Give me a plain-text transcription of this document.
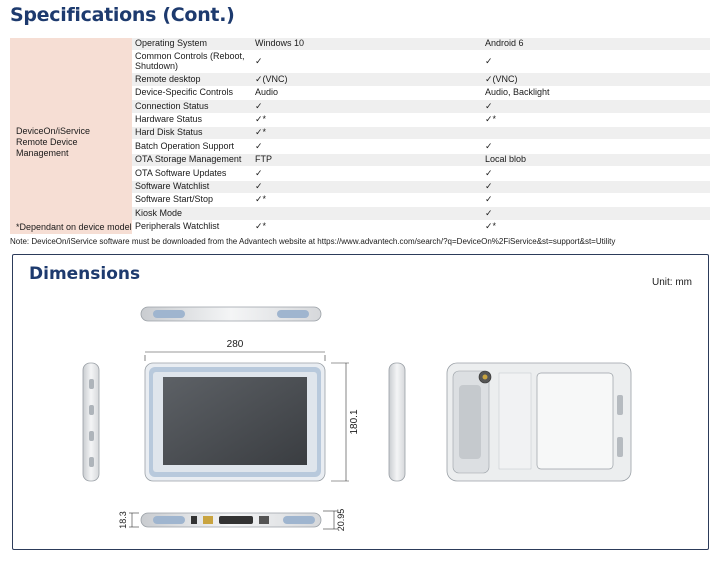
Specifications (Cont.)
DeviceOn/iService
Remote Device Management
*Dependant on device model	Operating System	Windows 10	Android 6
	Common Controls (Reboot, Shutdown)	✓	✓
	Remote desktop	✓(VNC)	✓(VNC)
	Device-Specific Controls	Audio	Audio, Backlight
	Connection Status	✓	✓
	Hardware Status	✓*	✓*
	Hard Disk Status	✓*	
	Batch Operation Support	✓	✓
	OTA Storage Management	FTP	Local blob
	OTA Software Updates	✓	✓
	Software Watchlist	✓	✓
	Software Start/Stop	✓*	✓
	Kiosk Mode		✓
	Peripherals Watchlist	✓*	✓*
Note: DeviceOn/iService software must be downloaded from the Advantech website at https://www.advantech.com/search/?q=DeviceOn%2FiService&st=support&st=Utility
Dimensions	Unit: mm
280
180.1
18.3	20.95
